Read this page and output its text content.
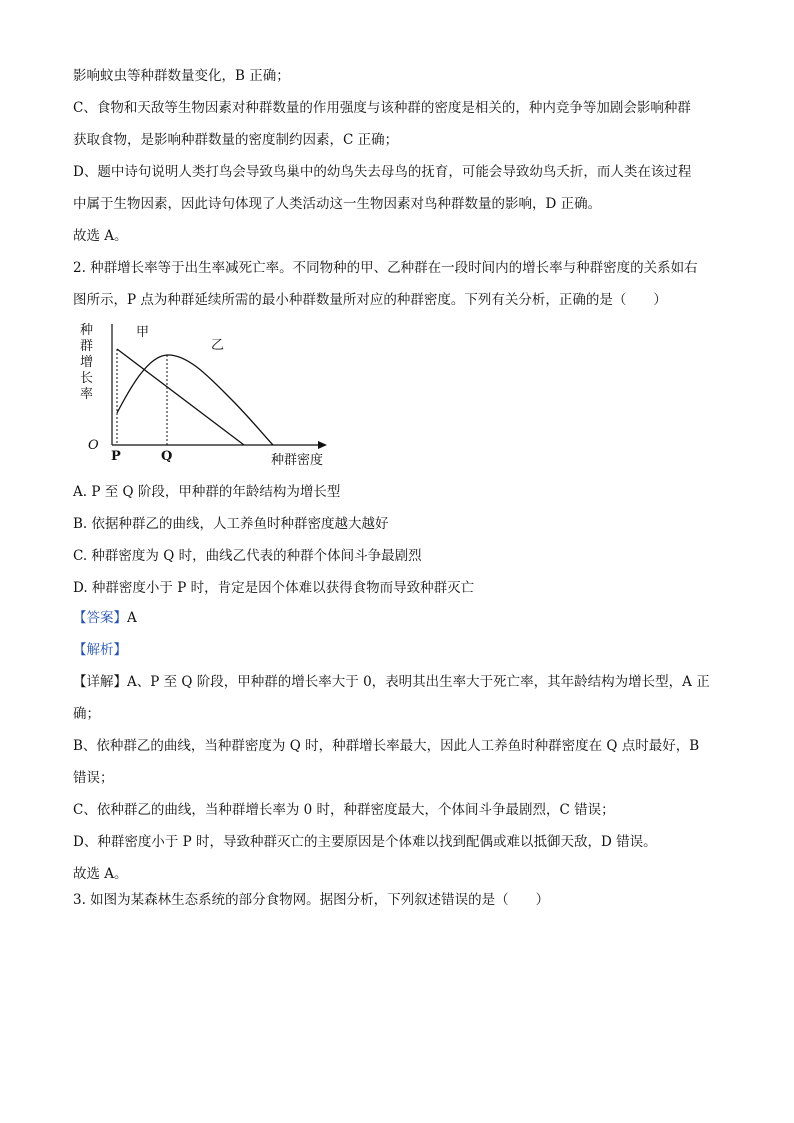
影响蚊虫等种群数量变化，B 正确；
C、食物和天敌等生物因素对种群数量的作用强度与该种群的密度是相关的，种内竞争等加剧会影响种群
获取食物，是影响种群数量的密度制约因素，C 正确；
D、题中诗句说明人类打鸟会导致鸟巢中的幼鸟失去母鸟的抚育，可能会导致幼鸟夭折，而人类在该过程
中属于生物因素，因此诗句体现了人类活动这一生物因素对鸟种群数量的影响，D 正确。
故选 A。
2. 种群增长率等于出生率减死亡率。不同物种的甲、乙种群在一段时间内的增长率与种群密度的关系如右
图所示，P 点为种群延续所需的最小种群数量所对应的种群密度。下列有关分析，正确的是（　　）
种群增长率
甲
乙
O
P	Q	种群密度
A. P 至 Q 阶段，甲种群的年龄结构为增长型
B. 依据种群乙的曲线，人工养鱼时种群密度越大越好
C. 种群密度为 Q 时，曲线乙代表的种群个体间斗争最剧烈
D. 种群密度小于 P 时，肯定是因个体难以获得食物而导致种群灭亡
【答案】A
【解析】
【详解】A、P 至 Q 阶段，甲种群的增长率大于 0，表明其出生率大于死亡率，其年龄结构为增长型，A 正
确；
B、依种群乙的曲线，当种群密度为 Q 时，种群增长率最大，因此人工养鱼时种群密度在 Q 点时最好，B
错误；
C、依种群乙的曲线，当种群增长率为 0 时，种群密度最大，个体间斗争最剧烈，C 错误；
D、种群密度小于 P 时，导致种群灭亡的主要原因是个体难以找到配偶或难以抵御天敌，D 错误。
故选 A。
3. 如图为某森林生态系统的部分食物网。据图分析，下列叙述错误的是（　　）
